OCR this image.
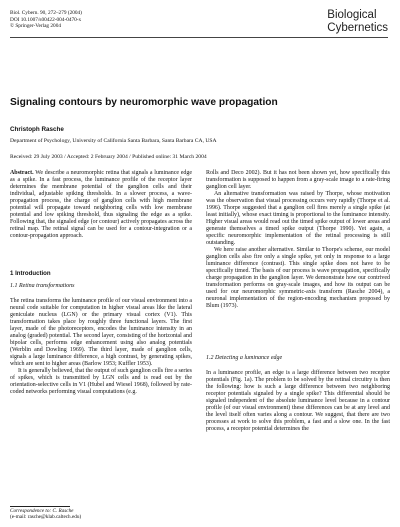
Biol. Cybern. 90, 272–279 (2004)
DOI 10.1007/s00422-004-0470-x
© Springer-Verlag 2004
Biological
Cybernetics
Signaling contours by neuromorphic wave propagation
Christoph Rasche
Department of Psychology, University of California Santa Barbara, Santa Barbara CA, USA
Received: 29 July 2003 / Accepted: 2 February 2004 / Published online: 31 March 2004

Abstract. We describe a neuromorphic retina that signals a luminance edge as a spike. In a fast process, the luminance profile of the receptor layer determines the membrane potential of the ganglion cells and their individual, adjustable spiking thresholds. In a slower process, a wave-propagation process, the charge of ganglion cells with high membrane potential will propagate toward neighboring cells with low membrane potential and low spiking threshold, thus signaling the edge as a spike. Following that, the signaled edge (or contour) actively propagates across the retinal map. The retinal signal can be used for a contour-integration or a contour-propagation approach.

1 Introduction
1.1 Retina transformations

The retina transforms the luminance profile of our visual environment into a neural code suitable for computation in higher visual areas like the lateral geniculate nucleus (LGN) or the primary visual cortex (V1). This transformation takes place by roughly three functional layers. The first layer, made of the photoreceptors, encodes the luminance intensity in an analog (graded) potential. The second layer, consisting of the horizontal and bipolar cells, performs edge enhancement using also analog potentials (Werblin and Dowling 1969). The third layer, made of ganglion cells, signals a large luminance difference, a high contrast, by generating spikes, which are sent to higher areas (Barlow 1953; Kuffler 1953).

It is generally believed, that the output of such ganglion cells fire a series of spikes, which is transmitted by LGN cells and is read out by the orientation-selective cells in V1 (Hubel and Wiesel 1968), followed by rate-coded networks performing visual computations (e.g.

Correspondence to: C. Rasche
(e-mail: rasche@klab.caltech.edu)

Rolls and Deco 2002). But it has not been shown yet, how specifically this transformation is supposed to happen from a gray-scale image to a rate-firing ganglion cell layer.

An alternative transformation was raised by Thorpe, whose motivation was the observation that visual processing occurs very rapidly (Thorpe et al. 1996). Thorpe suggested that a ganglion cell fires merely a single spike (at least initially), whose exact timing is proportional to the luminance intensity. Higher visual areas would read out the timed spike output of lower areas and generate themselves a timed spike output (Thorpe 1990). Yet again, a specific neuromorphic implementation of the retinal processing is still outstanding.

We here raise another alternative. Similar to Thorpe's scheme, our model ganglion cells also fire only a single spike, yet only in response to a large luminance difference (contrast). This single spike does not have to be specifically timed. The basis of our process is wave propagation, specifically charge propagation in the ganglion layer. We demonstrate how our contrived transformation performs on gray-scale images, and how its output can be used for our neuromorphic symmetric-axis transform (Rasche 2004), a neuronal implementation of the region-encoding mechanism proposed by Blum (1973).

1.2 Detecting a luminance edge

In a luminance profile, an edge is a large difference between two receptor potentials (Fig. 1a). The problem to be solved by the retinal circuitry is then the following: how is such a large difference between two neighboring receptor potentials signaled by a single spike? This differential should be signaled independent of the absolute luminance level because in a contour profile (of our visual environment) these differences can be at any level and the level itself often varies along a contour. We suggest, that there are two processes at work to solve this problem, a fast and a slow one. In the fast process, a receptor potential determines the
